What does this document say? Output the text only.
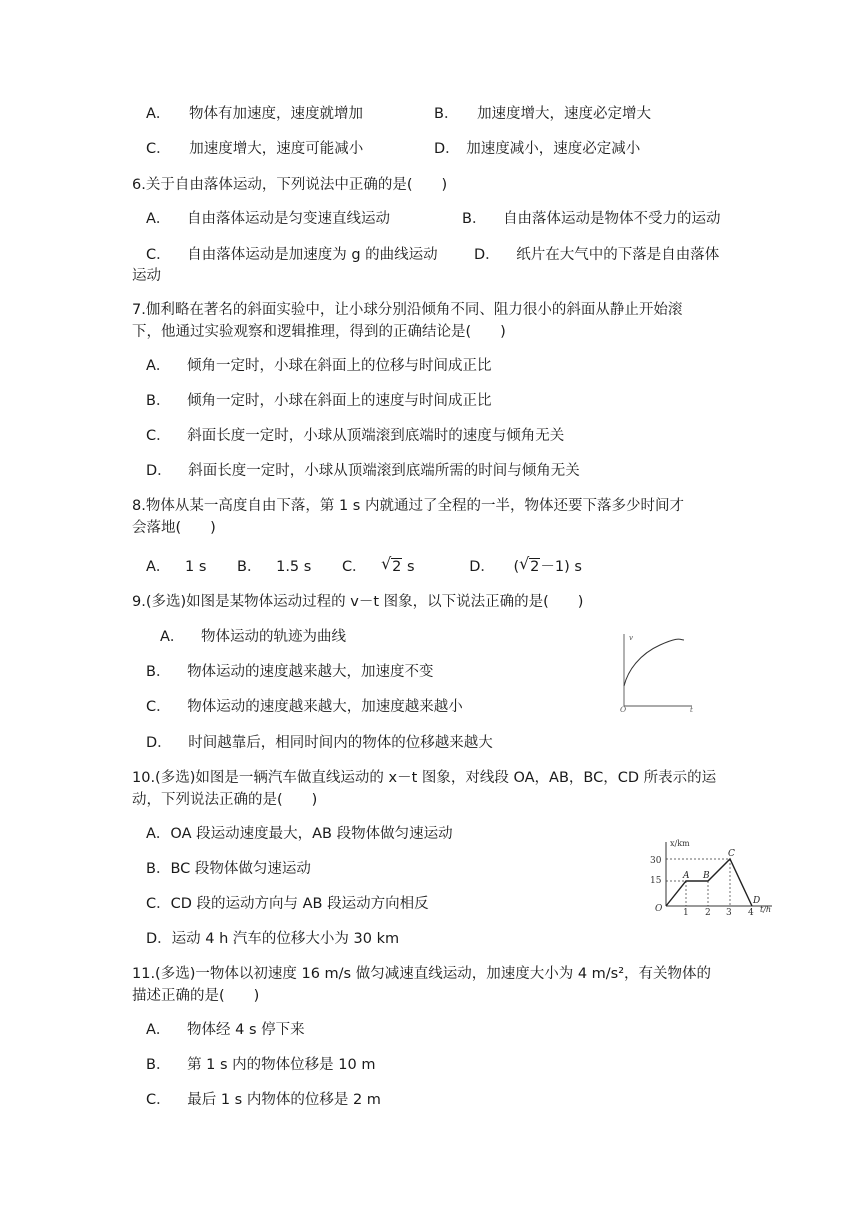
A． 物体有加速度，速度就增加	B． 加速度增大，速度必定增大
C． 加速度增大，速度可能减小	D． 加速度减小，速度必定减小
6.关于自由落体运动，下列说法中正确的是(　　)
A． 自由落体运动是匀变速直线运动	B． 自由落体运动是物体不受力的运动
C． 自由落体运动是加速度为 g 的曲线运动	D． 纸片在大气中的下落是自由落体
运动
7.伽利略在著名的斜面实验中，让小球分别沿倾角不同、阻力很小的斜面从静止开始滚
下，他通过实验观察和逻辑推理，得到的正确结论是(　　)
A． 倾角一定时，小球在斜面上的位移与时间成正比
B． 倾角一定时，小球在斜面上的速度与时间成正比
C． 斜面长度一定时，小球从顶端滚到底端时的速度与倾角无关
D． 斜面长度一定时，小球从顶端滚到底端所需的时间与倾角无关
8.物体从某一高度自由下落，第 1 s 内就通过了全程的一半，物体还要下落多少时间才
会落地(　　)
A． 1 s B． 1.5 s C． √ 2 s	D． ( √ 2－1) s
9.(多选)如图是某物体运动过程的 v－t 图象，以下说法正确的是(　　)
A． 物体运动的轨迹为曲线
B． 物体运动的速度越来越大，加速度不变
C． 物体运动的速度越来越大，加速度越来越小
D． 时间越靠后，相同时间内的物体的位移越来越大
O
v
t
10.(多选)如图是一辆汽车做直线运动的 x－t 图象，对线段 OA，AB，BC，CD 所表示的运
动，下列说法正确的是(　　)
A．OA 段运动速度最大，AB 段物体做匀速运动
B．BC 段物体做匀速运动
C．CD 段的运动方向与 AB 段运动方向相反
D．运动 4 h 汽车的位移大小为 30 km
x/km
t/h
O
30
15
1 2 3 4
A B
C
D
11.(多选)一物体以初速度 16 m/s 做匀减速直线运动，加速度大小为 4 m/s²，有关物体的
描述正确的是(　　)
A． 物体经 4 s 停下来
B． 第 1 s 内的物体位移是 10 m
C． 最后 1 s 内物体的位移是 2 m
